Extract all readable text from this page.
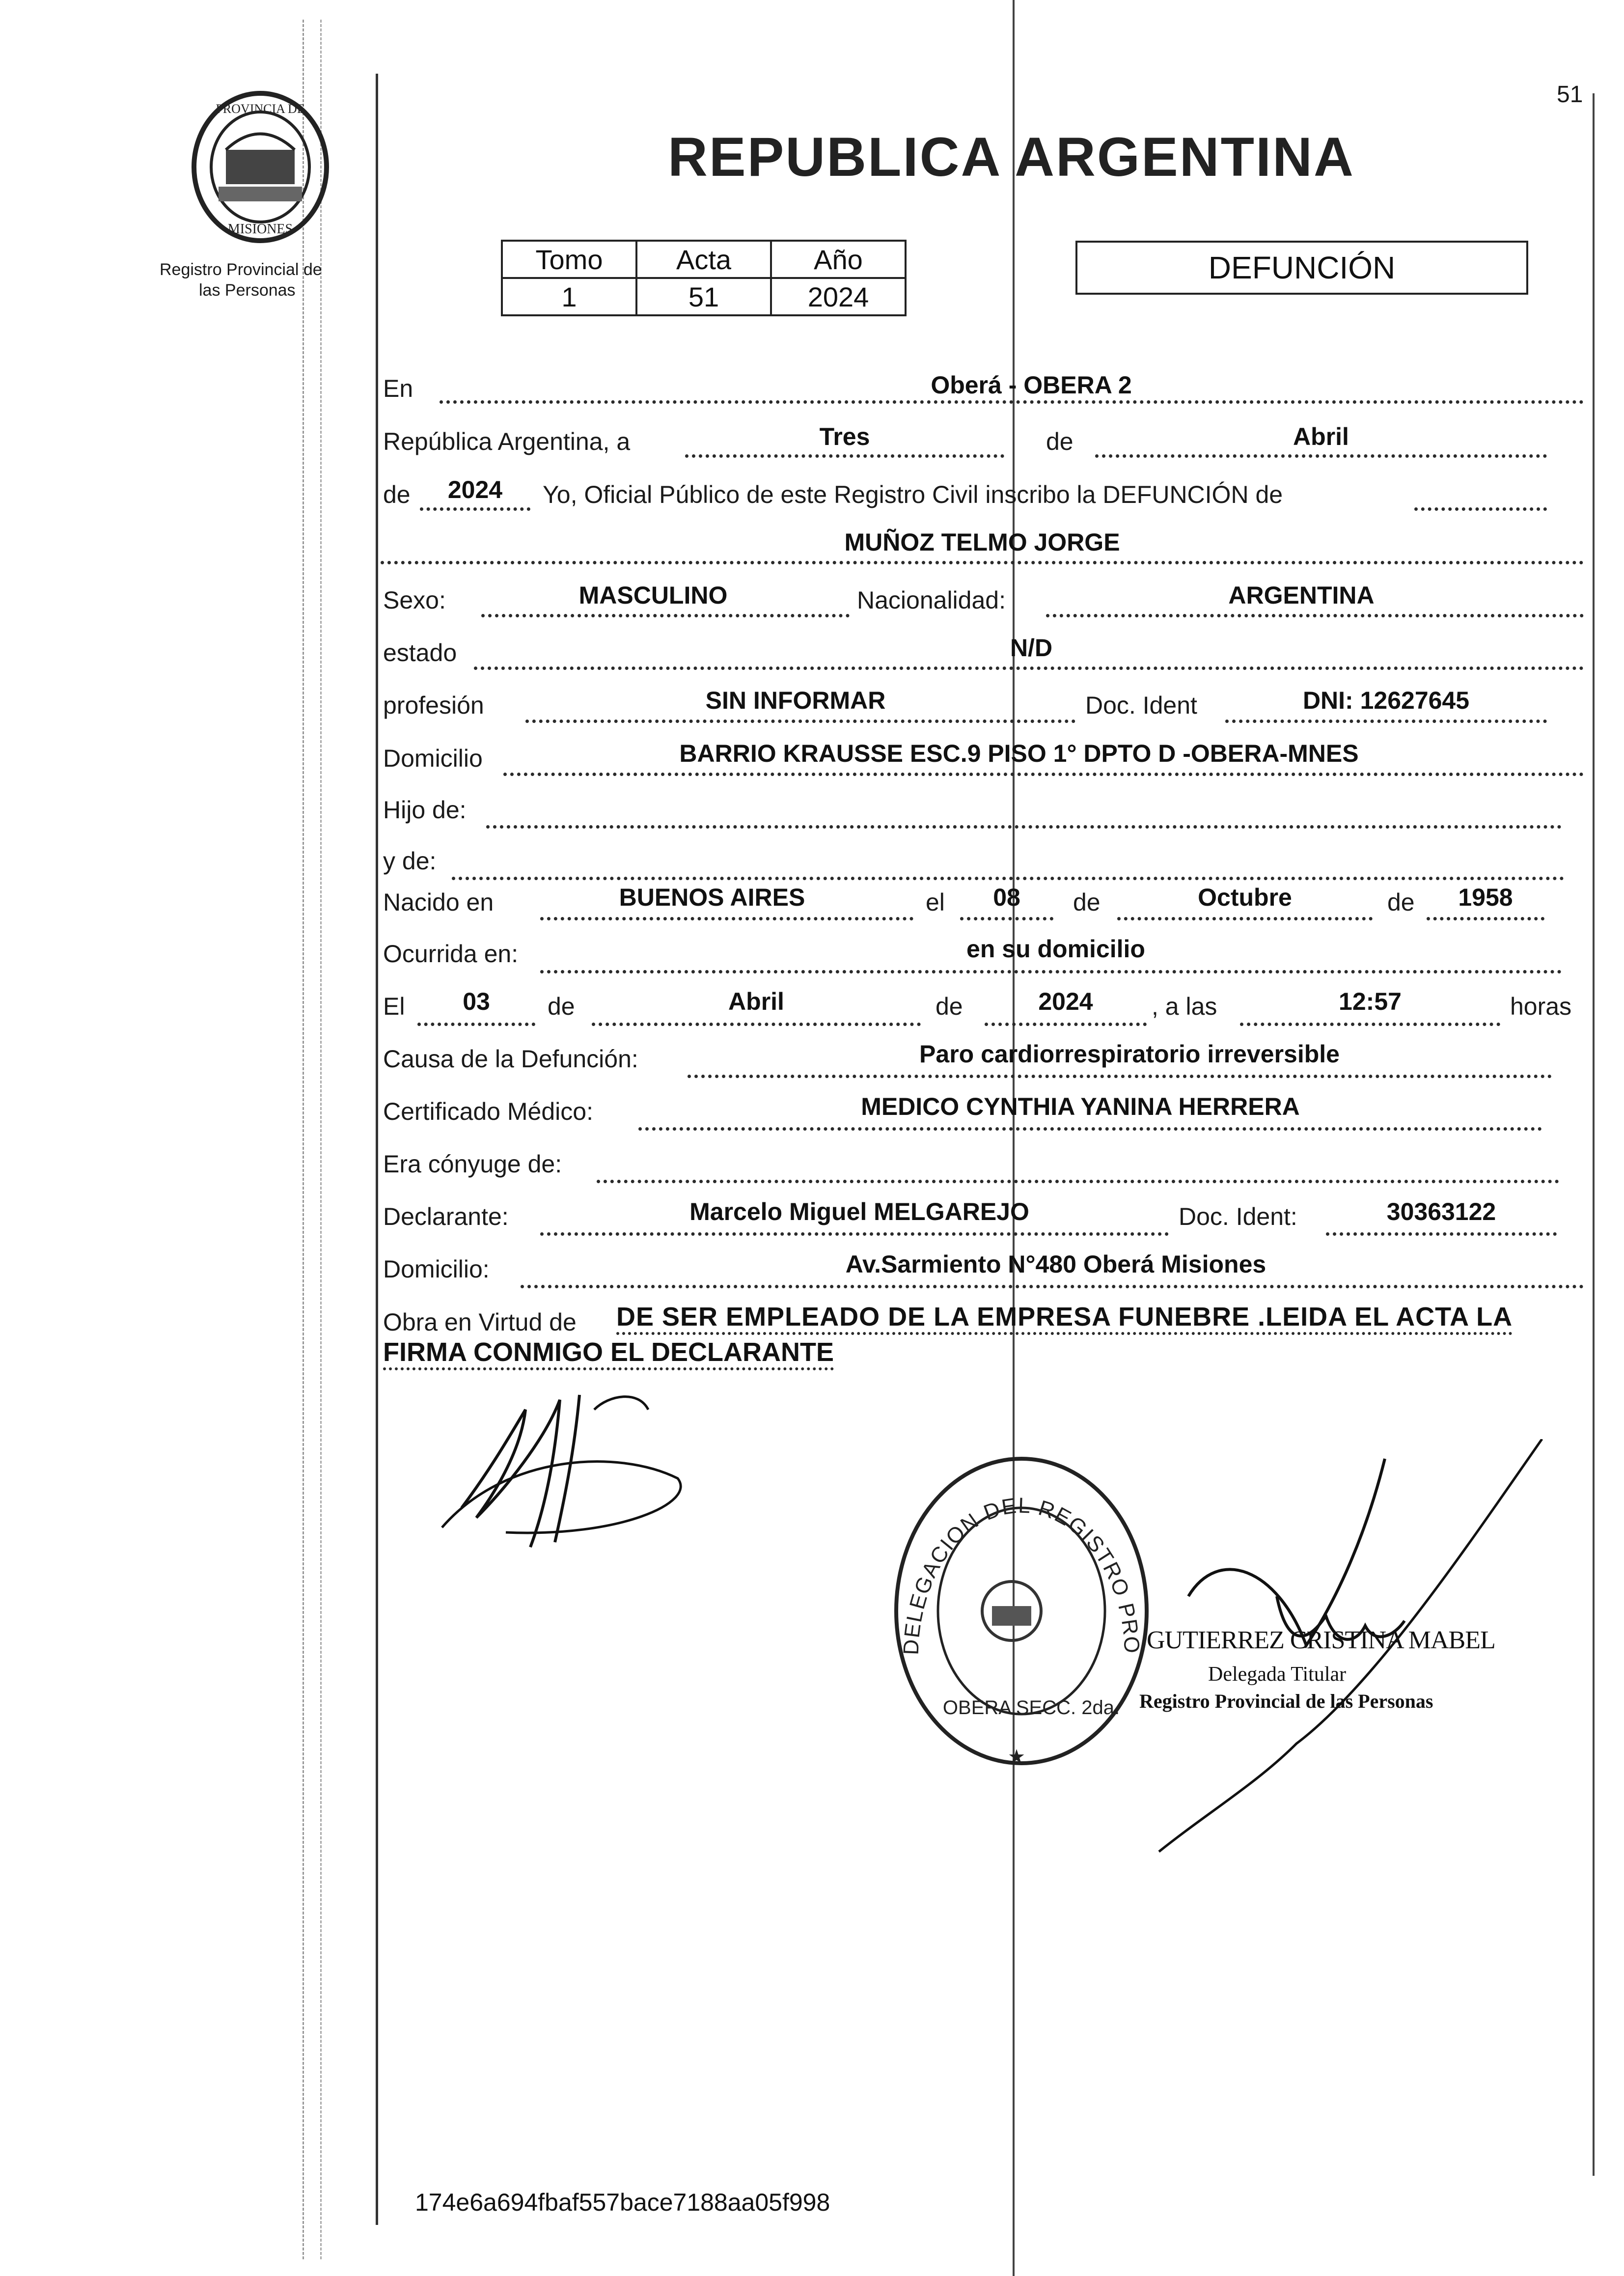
51
PROVINCIA DE
MISIONES
Registro Provincial de
las Personas
REPUBLICA ARGENTINA
Tomo	Acta	Año
1	51	2024
DEFUNCIÓN
En	Oberá - OBERA 2
República Argentina, a	Tres	de	Abril
de	2024	Yo, Oficial Público de este Registro Civil inscribo la DEFUNCIÓN de
MUÑOZ TELMO JORGE
Sexo:	MASCULINO	Nacionalidad:	ARGENTINA
estado	N/D
profesión	SIN INFORMAR	Doc. Ident	DNI: 12627645
Domicilio	BARRIO KRAUSSE ESC.9 PISO 1° DPTO D -OBERA-MNES
Hijo de:
y de:
Nacido en	BUENOS AIRES	el	08	de	Octubre	de	1958
Ocurrida en:	en su domicilio
El	03	de	Abril	de	2024	, a las	12:57	horas
Causa de la Defunción:	Paro cardiorrespiratorio irreversible
Certificado Médico:	MEDICO CYNTHIA YANINA HERRERA
Era cónyuge de:
Declarante:	Marcelo Miguel MELGAREJO	Doc. Ident:	30363122
Domicilio:	Av.Sarmiento N°480 Oberá Misiones
Obra en Virtud de DE SER EMPLEADO DE LA EMPRESA FUNEBRE .LEIDA EL ACTA LA
FIRMA CONMIGO EL DECLARANTE
DELEGACION DEL REGISTRO PRO
OBERA SECC. 2da.
★
GUTIERREZ CRISTINA MABEL
Delegada Titular
Registro Provincial de las Personas
174e6a694fbaf557bace7188aa05f998
